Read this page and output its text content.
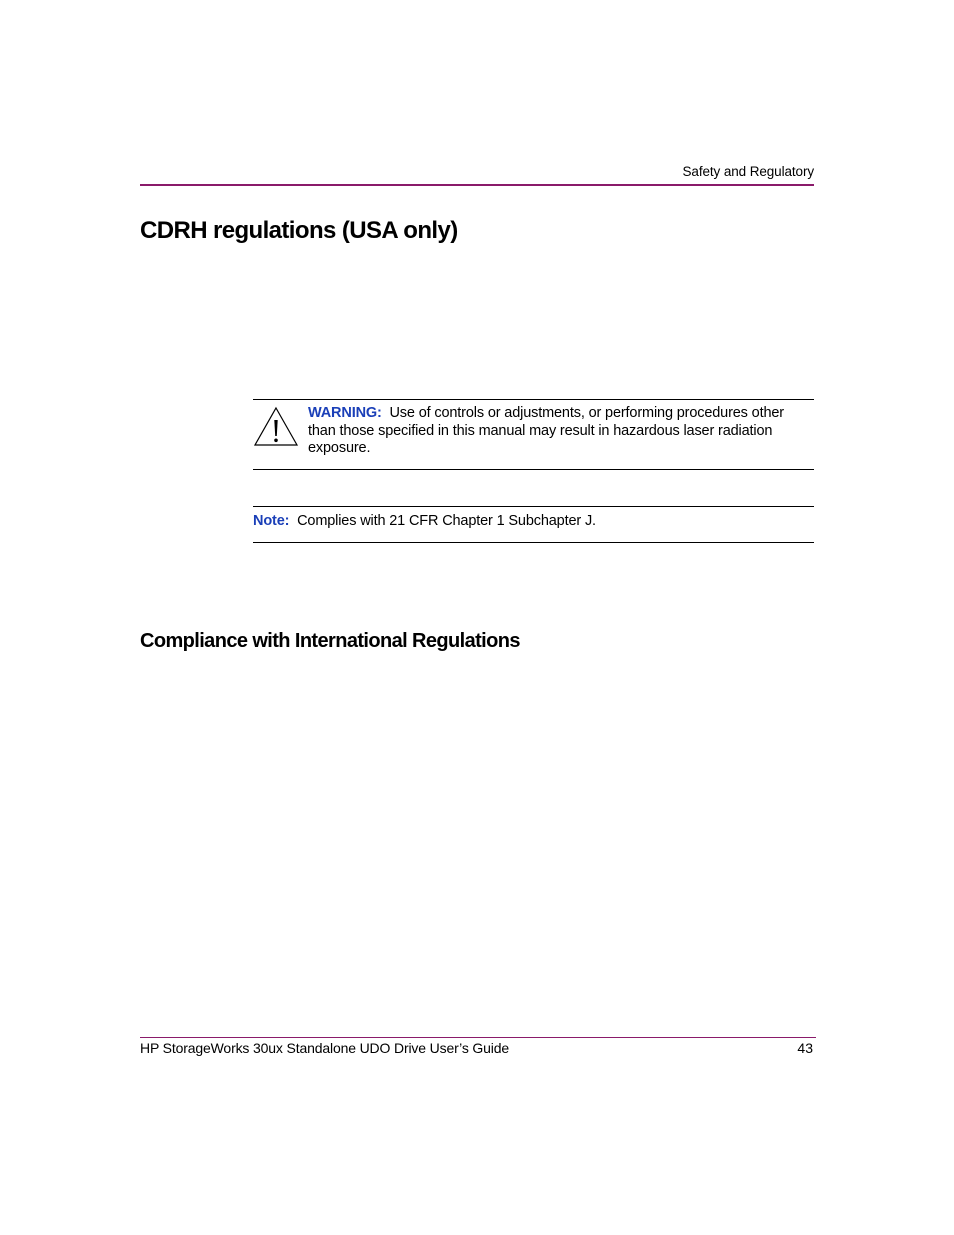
Safety and Regulatory
CDRH regulations (USA only)
WARNING: Use of controls or adjustments, or performing procedures other than those specified in this manual may result in hazardous laser radiation exposure.
Note: Complies with 21 CFR Chapter 1 Subchapter J.
Compliance with International Regulations
HP StorageWorks 30ux Standalone UDO Drive User’s Guide	43
